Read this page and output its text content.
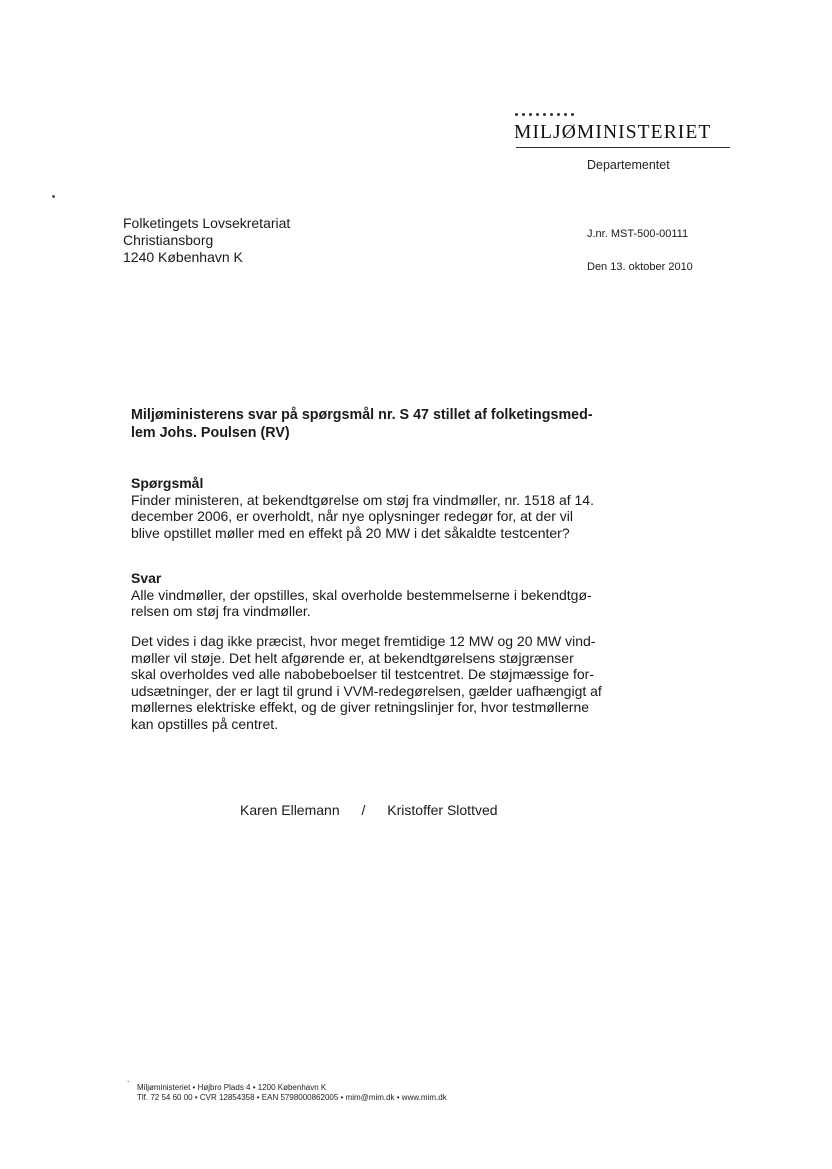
MILJØMINISTERIET
Departementet
Folketingets Lovsekretariat
Christiansborg
1240 København K
J.nr. MST-500-00111
Den 13. oktober 2010
Miljøministerens svar på spørgsmål nr. S 47 stillet af folketingsmed-
lem Johs. Poulsen (RV)
Spørgsmål
Finder ministeren, at bekendtgørelse om støj fra vindmøller, nr. 1518 af 14.
december 2006, er overholdt, når nye oplysninger redegør for, at der vil
blive opstillet møller med en effekt på 20 MW i det såkaldte testcenter?
Svar
Alle vindmøller, der opstilles, skal overholde bestemmelserne i bekendtgø-
relsen om støj fra vindmøller.
Det vides i dag ikke præcist, hvor meget fremtidige 12 MW og 20 MW vind-
møller vil støje. Det helt afgørende er, at bekendtgørelsens støjgrænser
skal overholdes ved alle nabobeboelser til testcentret. De støjmæssige for-
udsætninger, der er lagt til grund i VVM-redegørelsen, gælder uafhængigt af
møllernes elektriske effekt, og de giver retningslinjer for, hvor testmøllerne
kan opstilles på centret.
Karen Ellemann / Kristoffer Slottved
` Miljøministeriet • Højbro Plads 4 • 1200 København K
Tlf. 72 54 60 00 • CVR 12854358 • EAN 5798000862005 • mim@mim.dk • www.mim.dk
